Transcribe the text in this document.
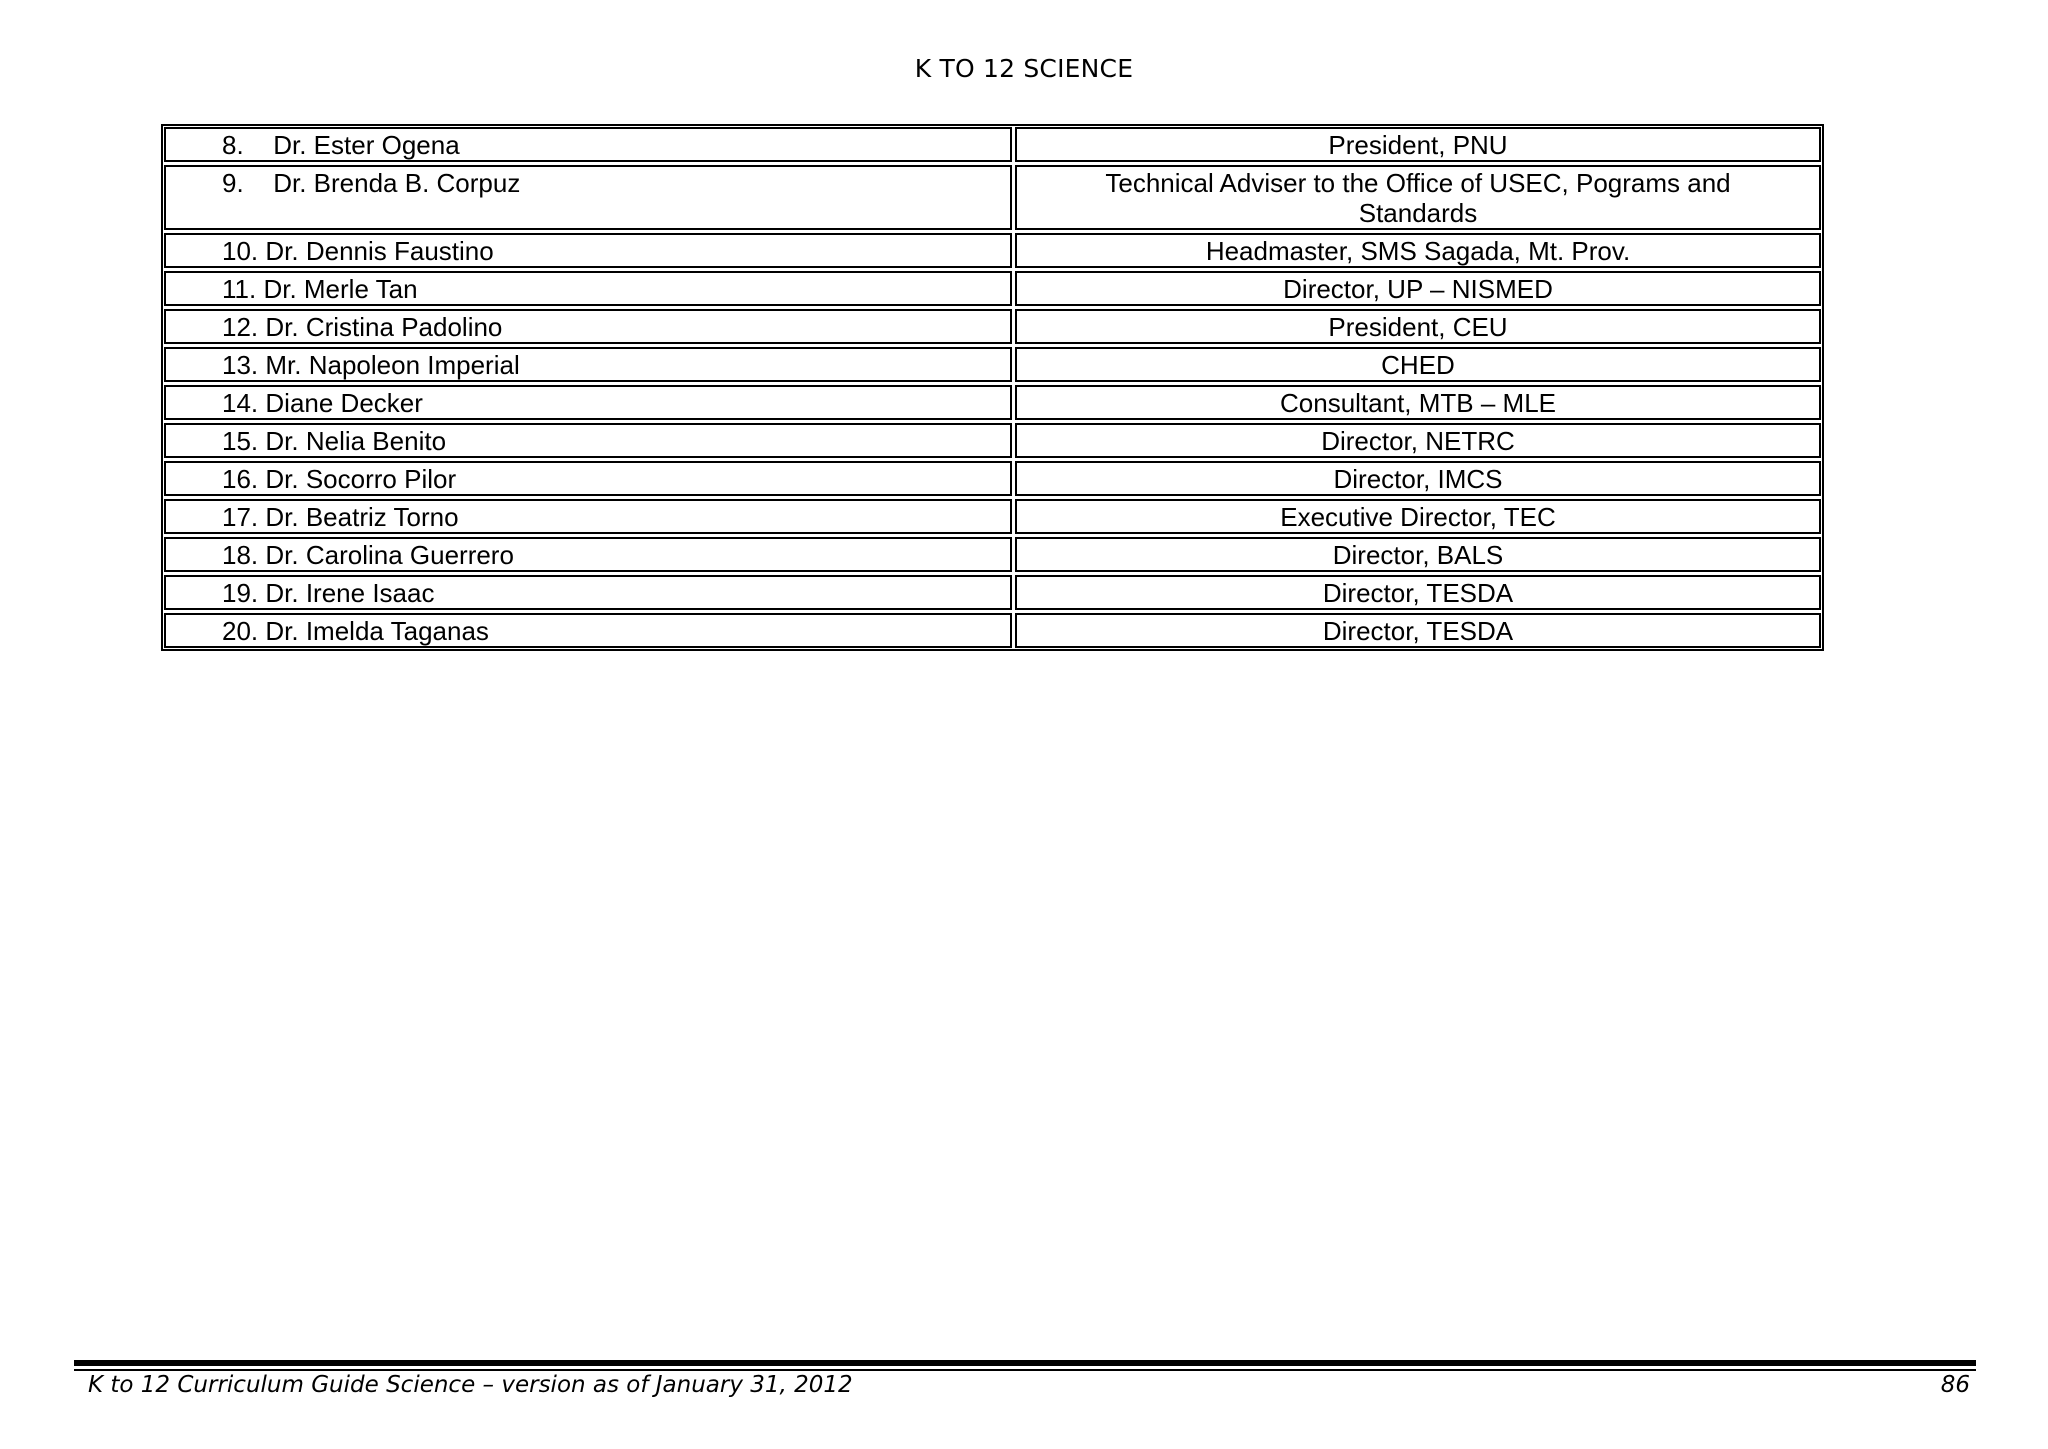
K TO 12 SCIENCE
8. Dr. Ester Ogena	President, PNU
9. Dr. Brenda B. Corpuz	Technical Adviser to the Office of USEC, Pograms and Standards
10. Dr. Dennis Faustino	Headmaster, SMS Sagada, Mt. Prov.
11. Dr. Merle Tan	Director, UP – NISMED
12. Dr. Cristina Padolino	President, CEU
13. Mr. Napoleon Imperial	CHED
14. Diane Decker	Consultant, MTB – MLE
15. Dr. Nelia Benito	Director, NETRC
16. Dr. Socorro Pilor	Director, IMCS
17. Dr. Beatriz Torno	Executive Director, TEC
18. Dr. Carolina Guerrero	Director, BALS
19. Dr. Irene Isaac	Director, TESDA
20. Dr. Imelda Taganas	Director, TESDA
K to 12 Curriculum Guide Science – version as of January 31, 2012	86
